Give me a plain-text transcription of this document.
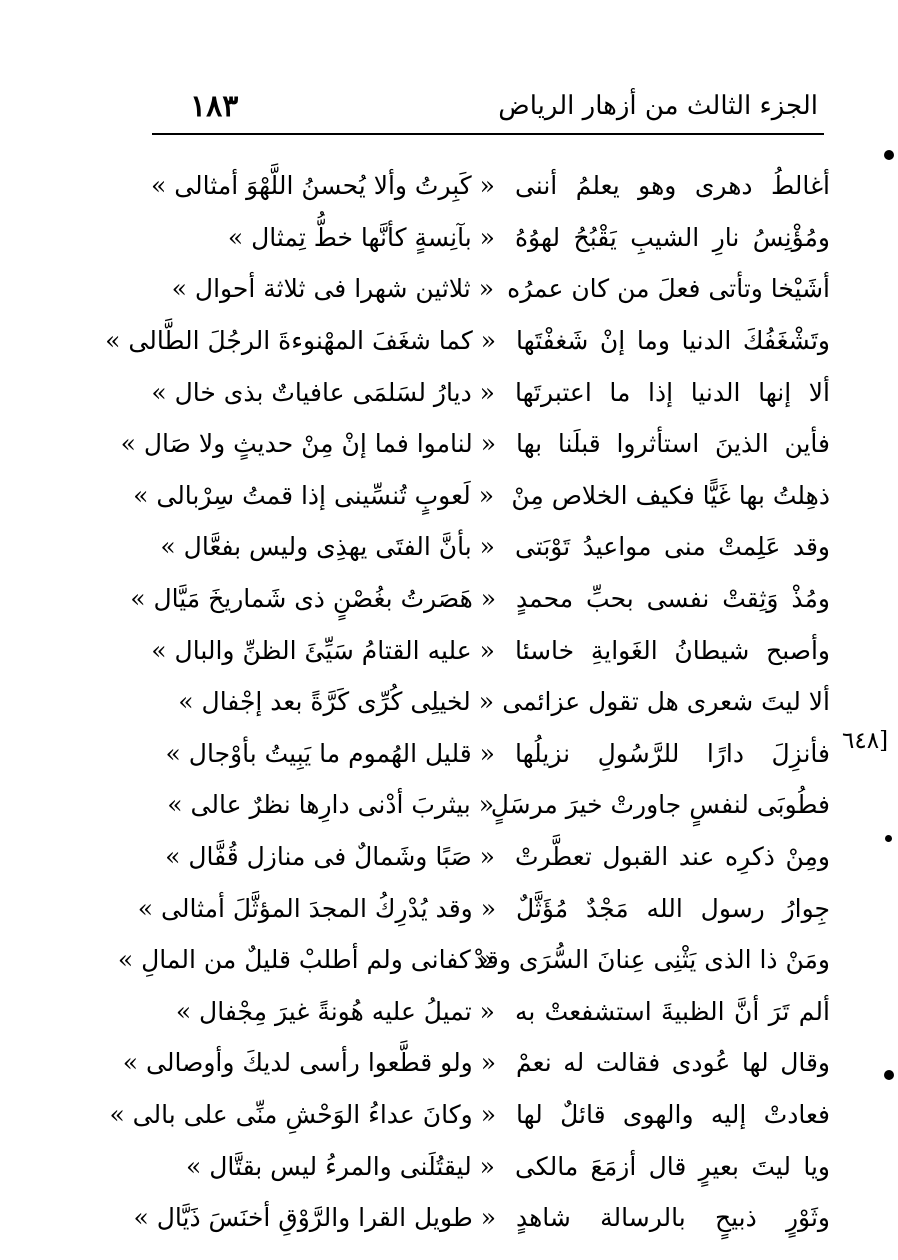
١٨٣	الجزء الثالث من أزهار الرياض
[٦٤٨
أغالطُ دهرى وهو يعلمُ أننى
« كَبِرتُ وألا يُحسنُ اللَّهْوَ أمثالى »
ومُؤْنِسُ نارِ الشيبِ يَقْبُحُ لهوُهُ
« بآنِسةٍ كأنَّها خطُّ تِمثال »
أشَيْخا وتأتى فعلَ من كان عمرُه
« ثلاثين شهرا فى ثلاثة أحوال »
وتَشْغَفُكَ الدنيا وما إنْ شَغفْتَها
« كما شغَفَ المهْنوءةَ الرجُلَ الطَّالى »
ألا إنها الدنيا إذا ما اعتبرتَها
« ديارُ لسَلمَى عافياتٌ بذى خال »
فأين الذينَ استأثروا قبلَنا بها
« لناموا فما إنْ مِنْ حديثٍ ولا صَال »
ذهِلتُ بها غَيًّا فكيف الخلاص مِنْ
« لَعوبٍ تُنسِّينى إذا قمتُ سِرْبالى »
وقد عَلِمتْ منى مواعيدُ تَوْبَتى
« بأنَّ الفتَى يهذِى وليس بفعَّال »
ومُذْ وَثِقتْ نفسى بحبِّ محمدٍ
« هَصَرتُ بغُصْنٍ ذى شَماريخَ مَيَّال »
وأصبح شيطانُ الغَوايةِ خاسئا
« عليه القتامُ سَيِّئَ الظنِّ والبال »
ألا ليتَ شعرى هل تقول عزائمى
« لخيلِى كُرِّى كَرَّةً بعد إجْفال »
فأنزِلَ دارًا للرَّسُولِ نزيلُها
« قليل الهُموم ما يَبِيتُ بأوْجال »
فطُوبَى لنفسٍ جاورتْ خيرَ مرسَلٍ
« بيثربَ أدْنى دارِها نظرٌ عالى »
ومِنْ ذكرِه عند القبول تعطَّرتْ
« صَبًا وشَمالٌ فى منازل قُفَّال »
جِوارُ رسول الله مَجْدٌ مُؤَثَّلٌ
« وقد يُدْرِكُ المجدَ المؤثَّلَ أمثالى »
ومَنْ ذا الذى يَثْنِى عِنانَ السُّرَى وقدْ
« كفانى ولم أطلبْ قليلٌ من المالِ »
ألم تَرَ أنَّ الظبيةَ استشفعتْ به
« تميلُ عليه هُونةً غيرَ مِجْفال »
وقال لها عُودى فقالت له نعمْ
« ولو قطَّعوا رأسى لديكَ وأوصالى »
فعادتْ إليه والهوى قائلٌ لها
« وكانَ عداءُ الوَحْشِ منِّى على بالى »
ويا ليتَ بعيرٍ قال أزمَعَ مالكى
« ليقتُلَنى والمرءُ ليس بقتَّال »
وثَوْرٍ ذبيحٍ بالرسالة شاهدٍ
« طويل القرا والرَّوْقِ أخنَسَ ذَيَّال »
